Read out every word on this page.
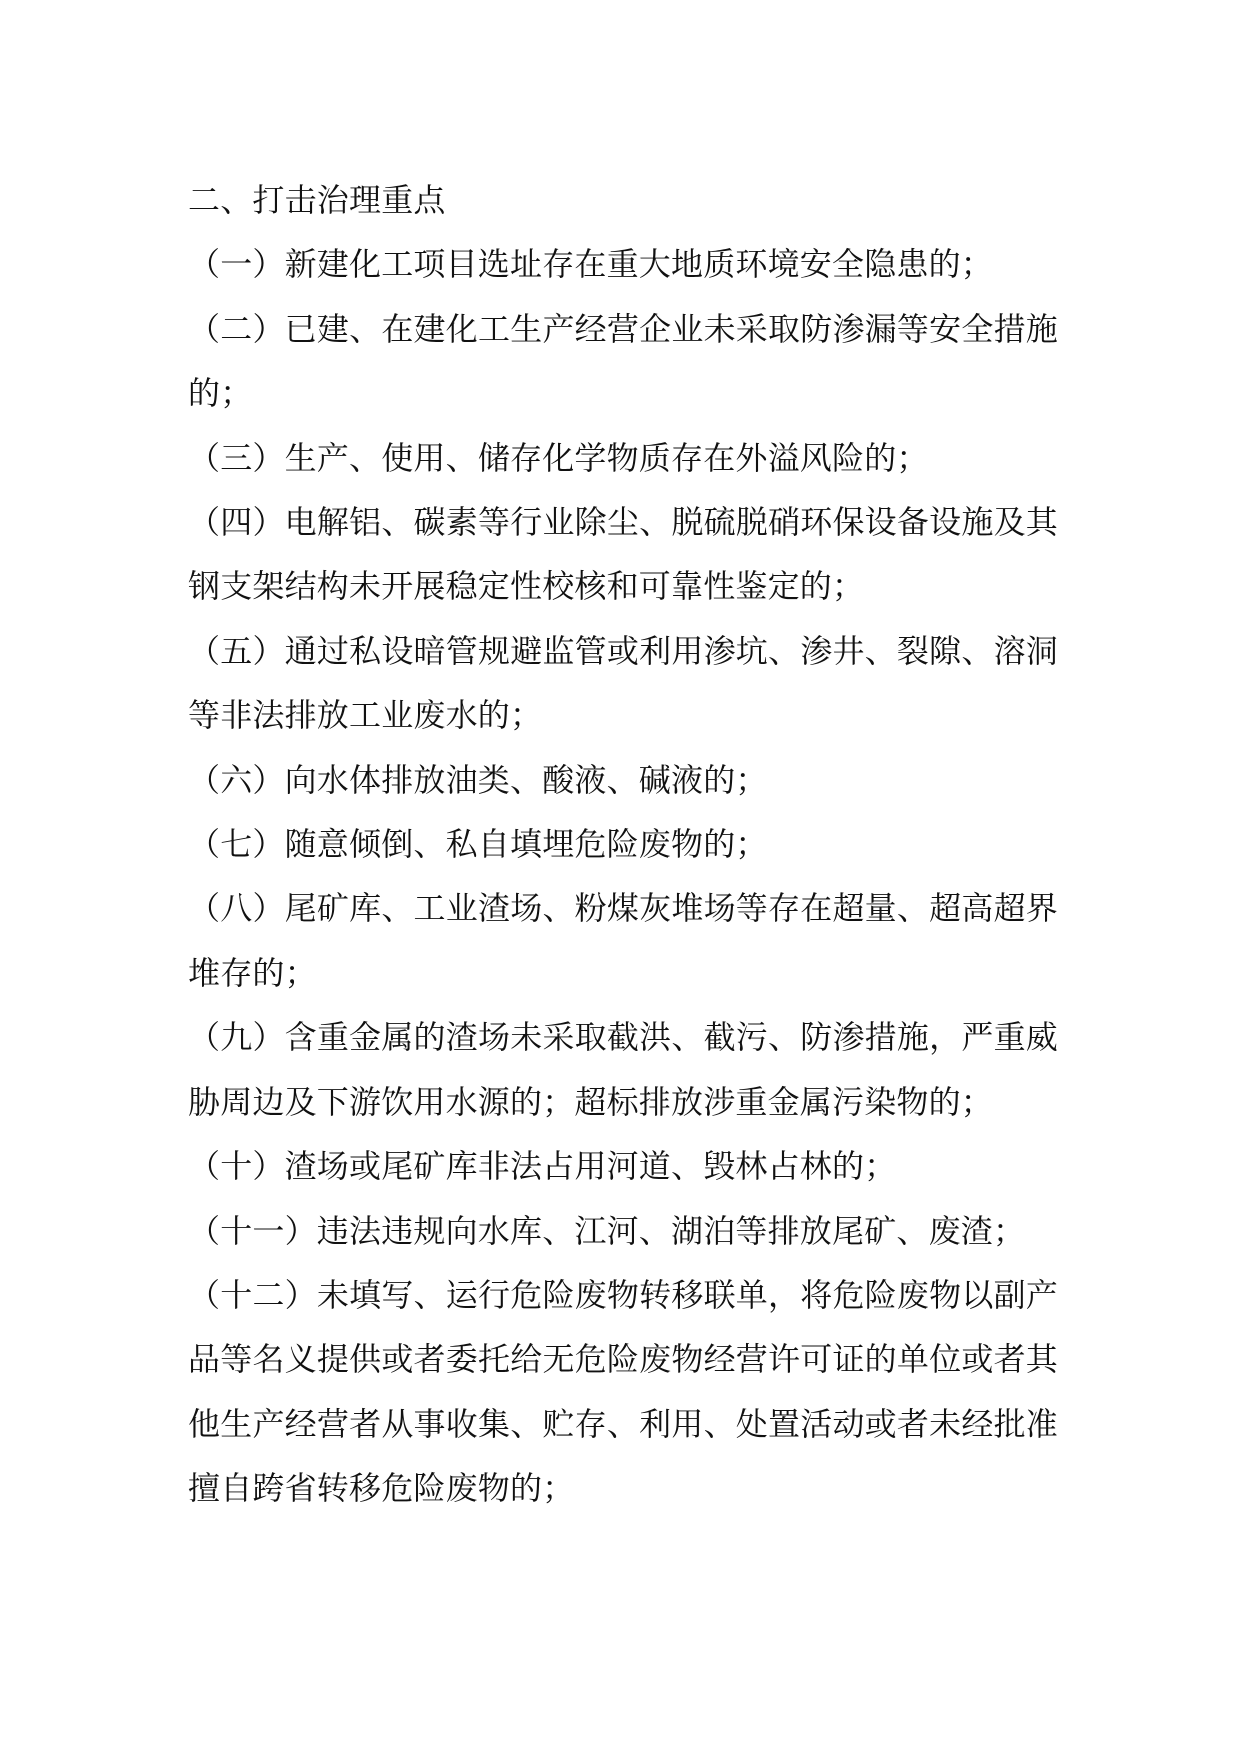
二、打击治理重点

（一）新建化工项目选址存在重大地质环境安全隐患的；

（二）已建、在建化工生产经营企业未采取防渗漏等安全措施的；

（三）生产、使用、储存化学物质存在外溢风险的；

（四）电解铝、碳素等行业除尘、脱硫脱硝环保设备设施及其钢支架结构未开展稳定性校核和可靠性鉴定的；

（五）通过私设暗管规避监管或利用渗坑、渗井、裂隙、溶洞等非法排放工业废水的；

（六）向水体排放油类、酸液、碱液的；

（七）随意倾倒、私自填埋危险废物的；

（八）尾矿库、工业渣场、粉煤灰堆场等存在超量、超高超界堆存的；

（九）含重金属的渣场未采取截洪、截污、防渗措施，严重威胁周边及下游饮用水源的；超标排放涉重金属污染物的；

（十）渣场或尾矿库非法占用河道、毁林占林的；

（十一）违法违规向水库、江河、湖泊等排放尾矿、废渣；

（十二）未填写、运行危险废物转移联单，将危险废物以副产品等名义提供或者委托给无危险废物经营许可证的单位或者其他生产经营者从事收集、贮存、利用、处置活动或者未经批准擅自跨省转移危险废物的；
